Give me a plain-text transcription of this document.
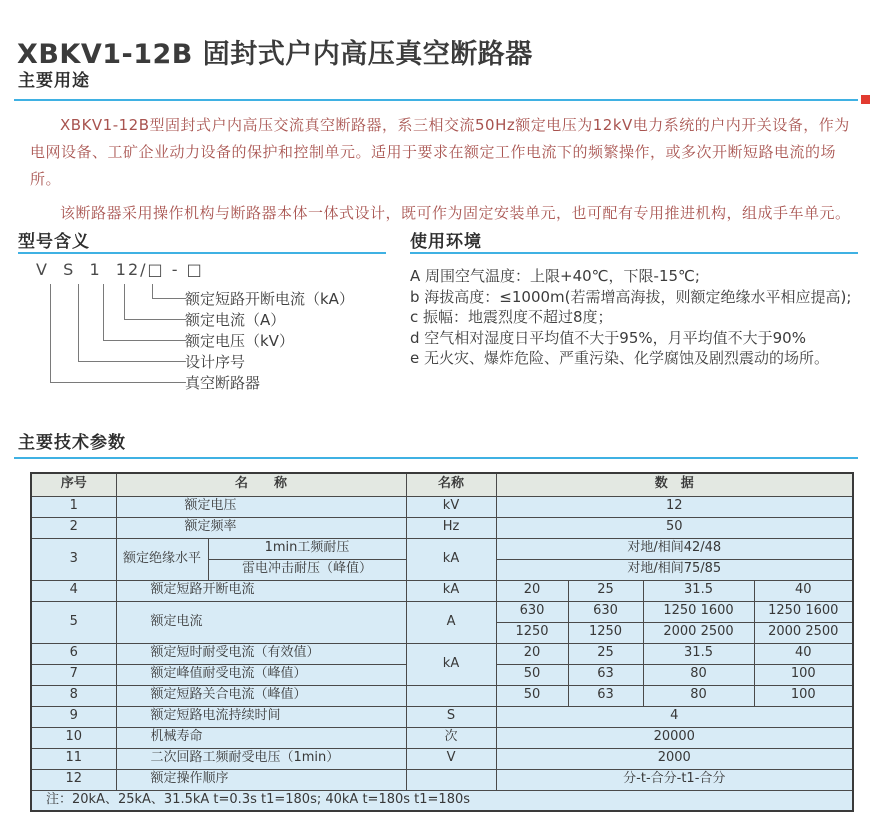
XBKV1-12B 固封式户内高压真空断路器
主要用途

XBKV1-12B型固封式户内高压交流真空断路器，系三相交流50Hz额定电压为12kV电力系统的户内开关设备，作为电网设备、工矿企业动力设备的保护和控制单元。适用于要求在额定工作电流下的频繁操作，或多次开断短路电流的场所。

该断路器采用操作机构与断路器本体一体式设计，既可作为固定安装单元，也可配有专用推进机构，组成手车单元。

型号含义
V  S  1  12/□ - □
额定短路开断电流（kA）
额定电流（A）
额定电压（kV）
设计序号
真空断路器
使用环境
A 周围空气温度：上限+40℃，下限-15℃;
b 海拔高度：≤1000m(若需增高海拔，则额定绝缘水平相应提高);
c 振幅：地震烈度不超过8度；
d 空气相对湿度日平均值不大于95%，月平均值不大于90%
e 无火灾、爆炸危险、严重污染、化学腐蚀及剧烈震动的场所。
主要技术参数
序号	名　　称		名称	数　据			
1	额定电压		kV	12			
2	额定频率		Hz	50			
3	额定绝缘水平	1min工频耐压	kA	对地/相间42/48			
		雷电冲击耐压（峰值）		对地/相间75/85			
4	额定短路开断电流		kA	20	25	31.5	40
5	额定电流		A	630	630	1250 1600	1250 1600
				1250	1250	2000 2500	2000 2500
6	额定短时耐受电流（有效值）		kA	20	25	31.5	40
7	额定峰值耐受电流（峰值）			50	63	80	100
8	额定短路关合电流（峰值）			50	63	80	100
9	额定短路电流持续时间		S	4			
10	机械寿命		次	20000			
11	二次回路工频耐受电压（1min）		V	2000			
12	额定操作顺序			分-t-合分-t1-合分			
注：20kA、25kA、31.5kA t=0.3s t1=180s; 40kA t=180s t1=180s							
